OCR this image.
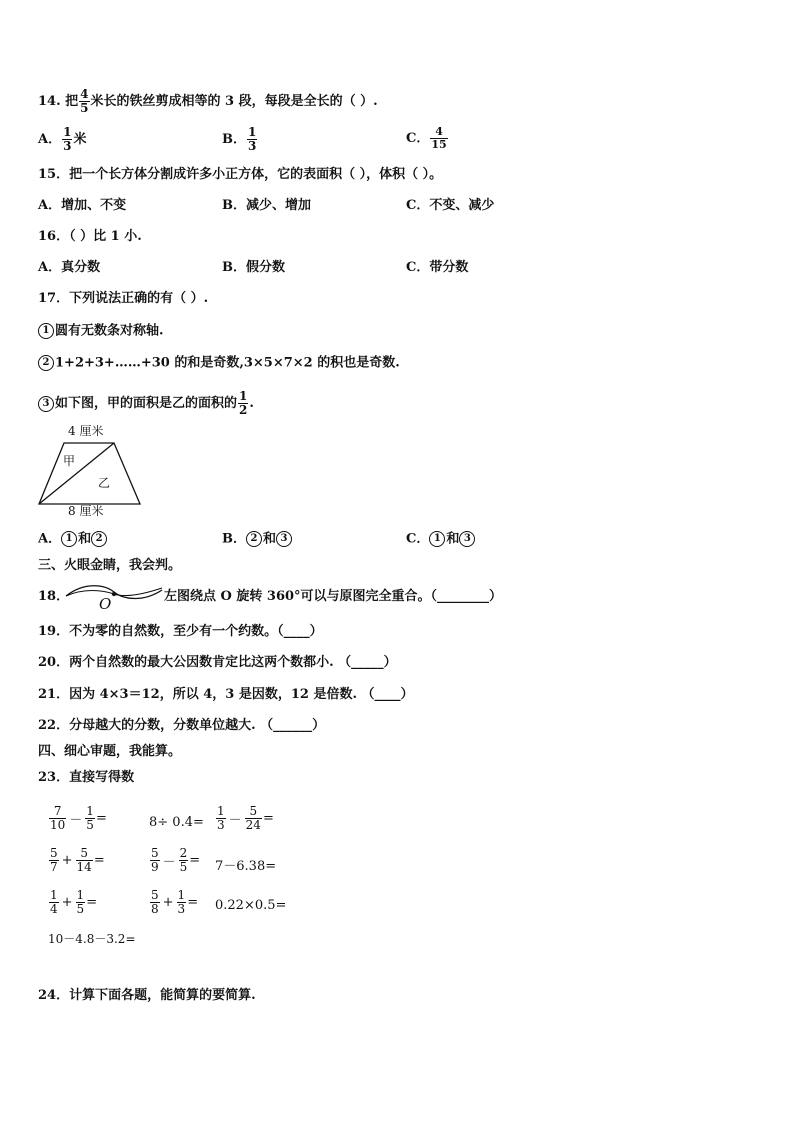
14. 把 $\frac{4}{5}$ 米长的铁丝剪成相等的 3 段，每段是全长的（ ）.
A． $\frac{1}{3}$ 米	B． $\frac{1}{3}$	C． $\frac{4}{15}$
15．把一个长方体分割成许多小正方体，它的表面积（ ），体积（ ）。
A．增加、不变	B．减少、增加	C．不变、减少
16．（ ）比 1 小.
A．真分数	B．假分数	C．带分数
17．下列说法正确的有（ ）.
1 圆有无数条对称轴.
2 1+2+3+……+30 的和是奇数,3×5×7×2 的积也是奇数.
3 如下图，甲的面积是乙的面积的 $\frac{1}{2}$ .
4 厘米
甲
乙
8 厘米
A． 1 和 2	B． 2 和 3	C． 1 和 3
三、火眼金睛，我会判。
18． O	左图绕点 O 旋转 360°可以与原图完全重合。（________）
19．不为零的自然数，至少有一个约数。（____）
20．两个自然数的最大公因数肯定比这两个数都小. （_____）
21．因为 4×3＝12，所以 4，3 是因数，12 是倍数. （____）
22．分母越大的分数，分数单位越大. （______）
四、细心审题，我能算。
23．直接写得数
$\frac{7}{10} - \frac{1}{5}$ =	$8\div 0.4= \frac{1}{3} - \frac{5}{24}$ =
$\frac{5}{7} + \frac{5}{14}$ =	$\frac{5}{9} - \frac{2}{5} = 7-6.38=$
$\frac{1}{4} + \frac{1}{5}$ =	$\frac{5}{8} + \frac{1}{3} = 0.22\times 0.5=$
10－4.8－3.2=
24．计算下面各题，能简算的要简算.
